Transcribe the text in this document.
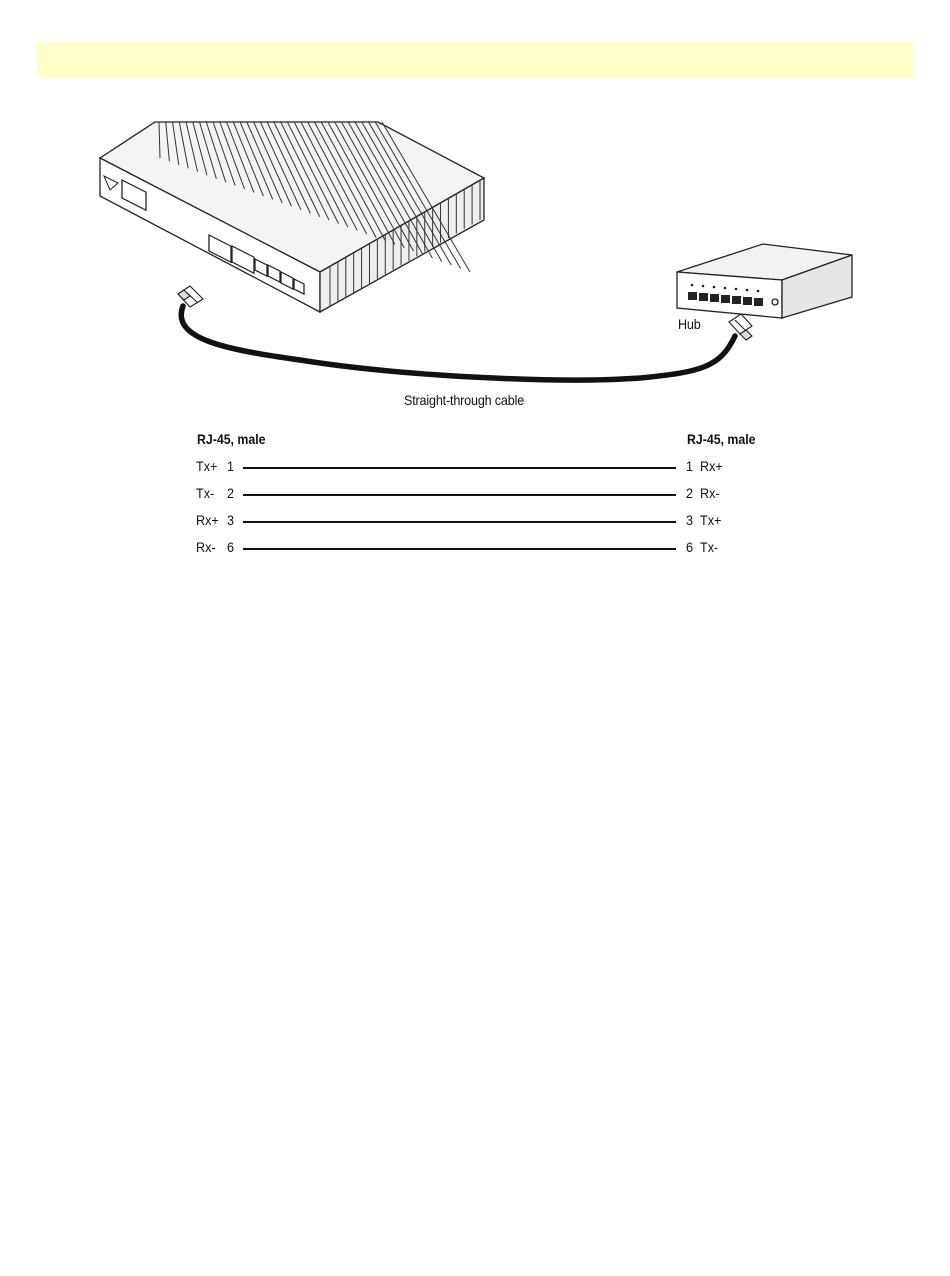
Hub
Straight-through cable
RJ-45, male	RJ-45, male
Tx+ 1	1 Rx+
Tx- 2	2 Rx-
Rx+ 3	3 Tx+
Rx- 6	6 Tx-
